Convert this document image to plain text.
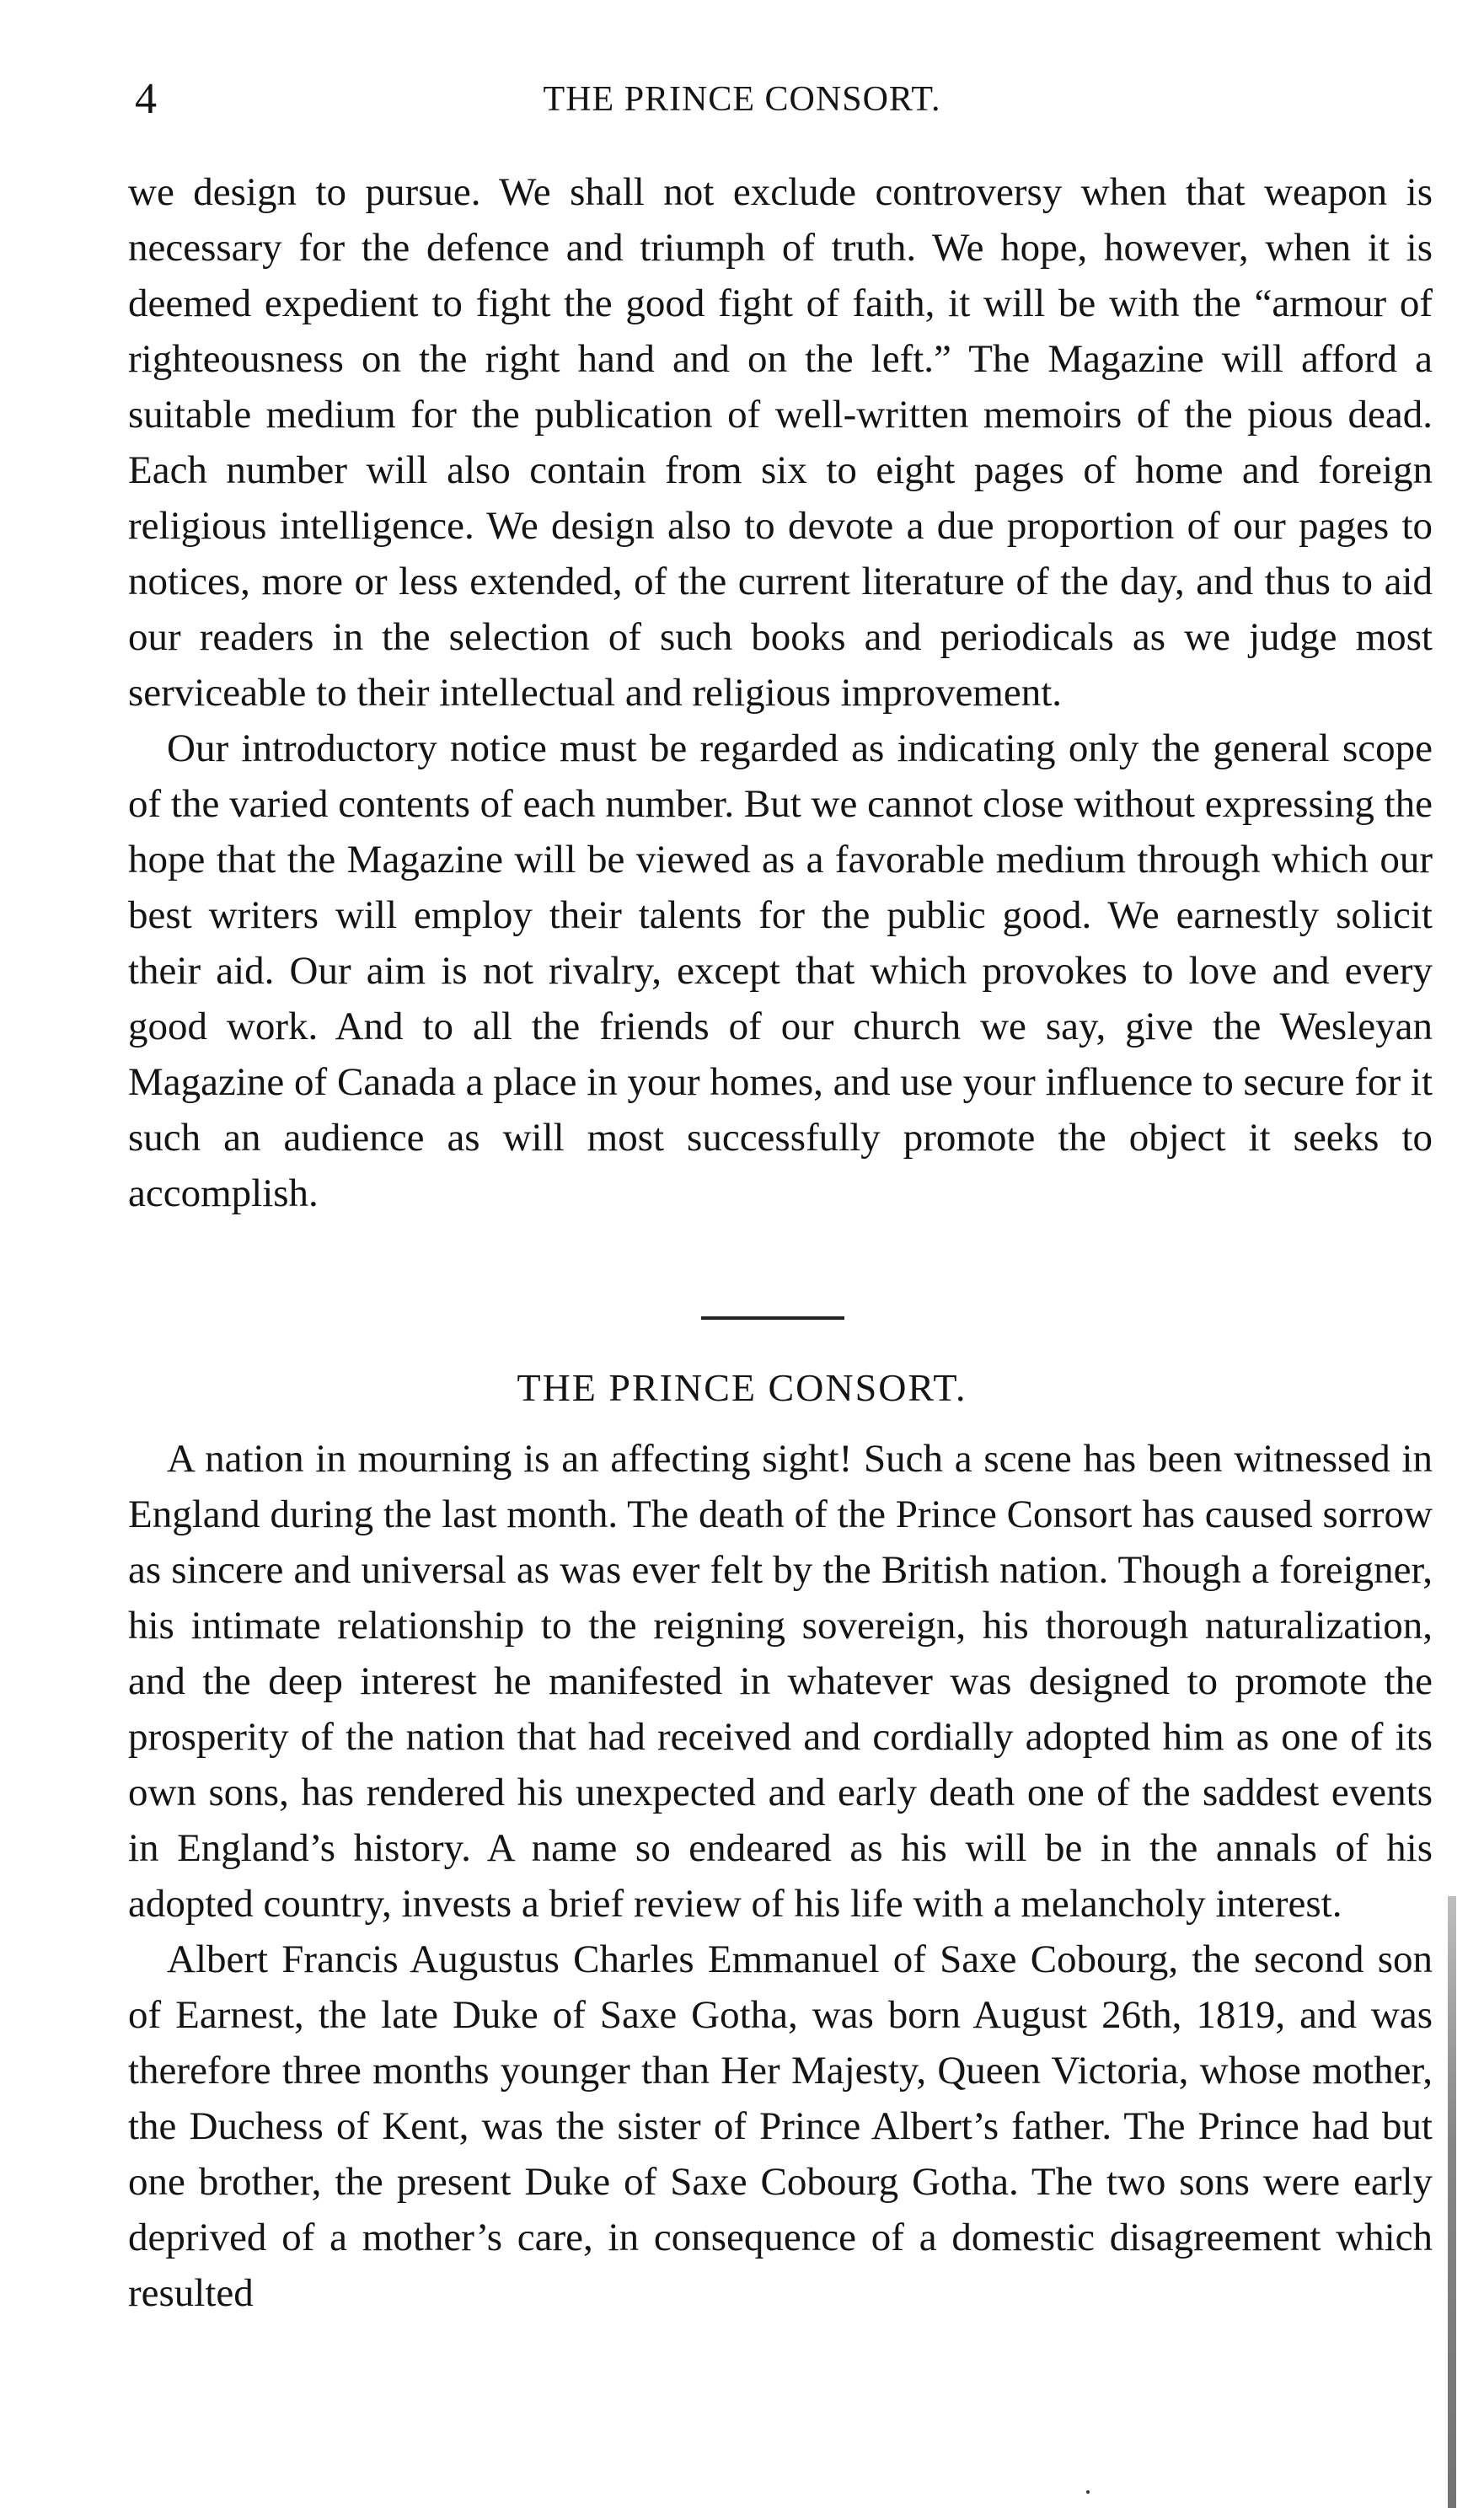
4	THE PRINCE CONSORT.

we design to pursue. We shall not exclude controversy when that weapon is necessary for the defence and triumph of truth. We hope, however, when it is deemed expedient to fight the good fight of faith, it will be with the “armour of righteousness on the right hand and on the left.” The Magazine will afford a suitable medium for the publication of well-written memoirs of the pious dead. Each number will also contain from six to eight pages of home and foreign religious intelligence. We design also to devote a due proportion of our pages to notices, more or less extended, of the current literature of the day, and thus to aid our readers in the selection of such books and periodicals as we judge most serviceable to their intellectual and religious improvement.

Our introductory notice must be regarded as indicating only the general scope of the varied contents of each number. But we cannot close without expressing the hope that the Magazine will be viewed as a favorable medium through which our best writers will employ their talents for the public good. We earnestly solicit their aid. Our aim is not rivalry, except that which provokes to love and every good work. And to all the friends of our church we say, give the Wesleyan Magazine of Canada a place in your homes, and use your influence to secure for it such an audience as will most successfully promote the object it seeks to accomplish.

THE PRINCE CONSORT.

A nation in mourning is an affecting sight! Such a scene has been witnessed in England during the last month. The death of the Prince Consort has caused sorrow as sincere and universal as was ever felt by the British nation. Though a foreigner, his intimate relationship to the reigning sovereign, his thorough naturalization, and the deep interest he manifested in whatever was designed to promote the prosperity of the nation that had received and cordially adopted him as one of its own sons, has rendered his unexpected and early death one of the saddest events in England’s history. A name so endeared as his will be in the annals of his adopted country, invests a brief review of his life with a melancholy interest.

Albert Francis Augustus Charles Emmanuel of Saxe Cobourg, the second son of Earnest, the late Duke of Saxe Gotha, was born August 26th, 1819, and was therefore three months younger than Her Majesty, Queen Victoria, whose mother, the Duchess of Kent, was the sister of Prince Albert’s father. The Prince had but one brother, the present Duke of Saxe Cobourg Gotha. The two sons were early deprived of a mother’s care, in consequence of a domestic disagreement which resulted
